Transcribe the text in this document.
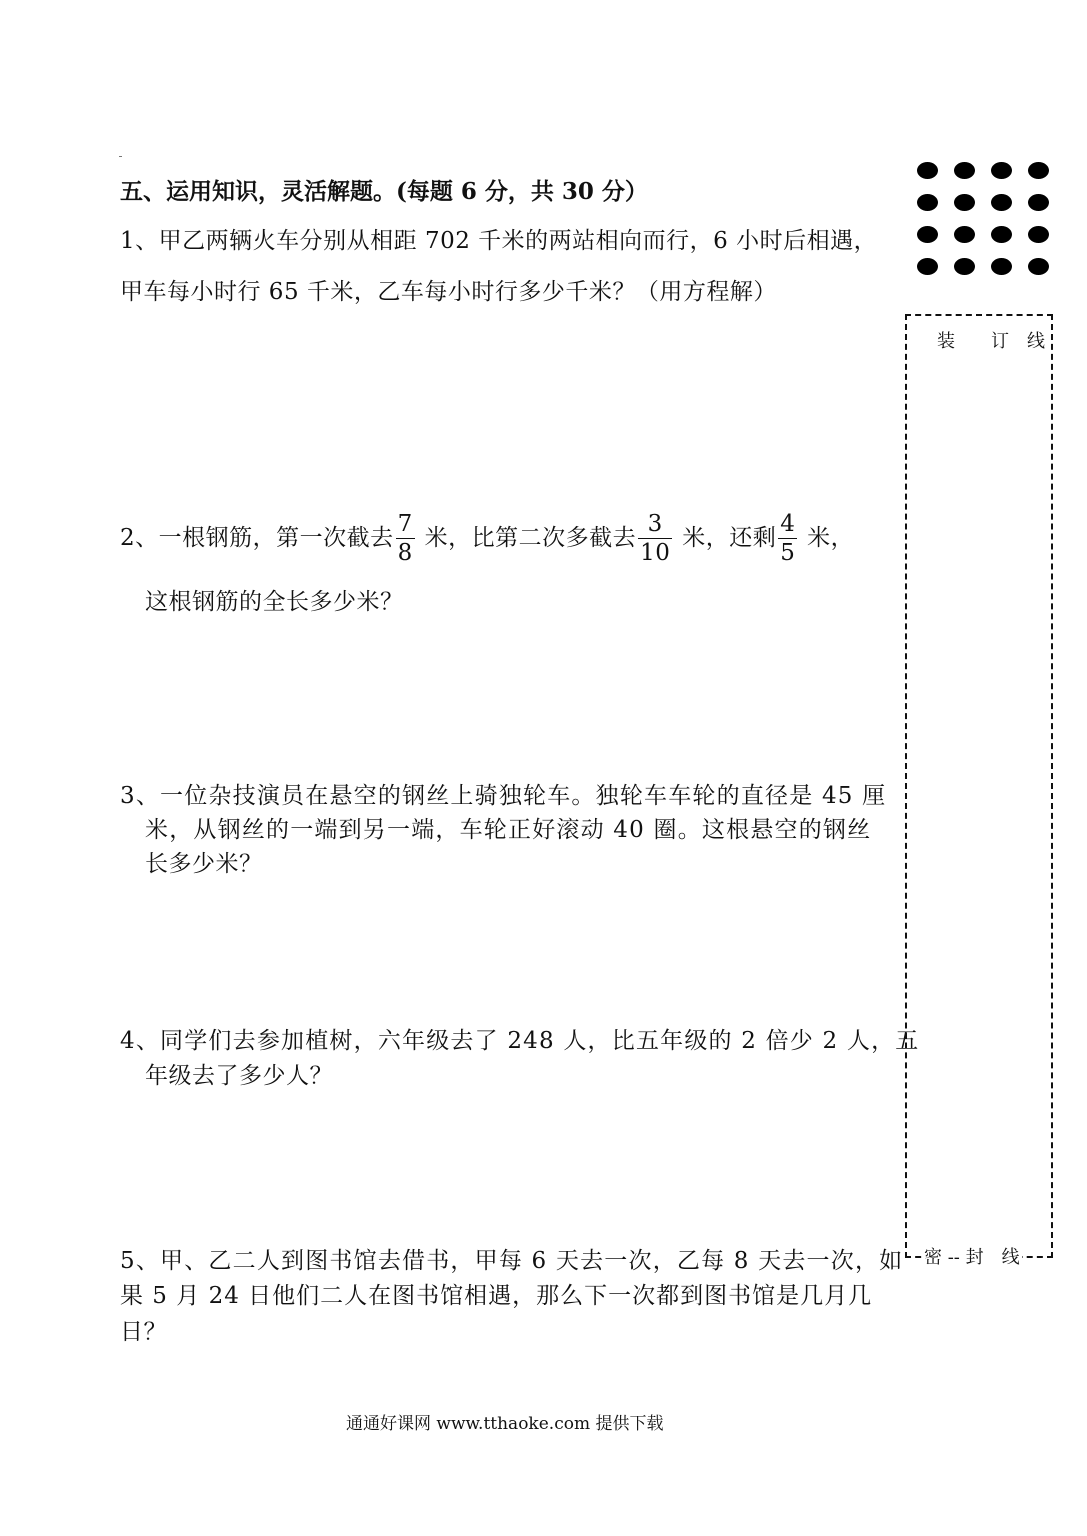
五、运用知识，灵活解题。(每题 6 分，共 30 分）
1、甲乙两辆火车分别从相距 702 千米的两站相向而行，6 小时后相遇，
甲车每小时行 65 千米，乙车每小时行多少千米？（用方程解）
2、一根钢筋，第一次截去 $\frac{7}{8}$ 米，比第二次多截去 $\frac{3}{10}$ 米，还剩 $\frac{4}{5}$ 米，
这根钢筋的全长多少米？
3、一位杂技演员在悬空的钢丝上骑独轮车。独轮车车轮的直径是 45 厘
米，从钢丝的一端到另一端，车轮正好滚动 40 圈。这根悬空的钢丝
长多少米？
4、同学们去参加植树，六年级去了 248 人，比五年级的 2 倍少 2 人，五
年级去了多少人？
5、甲、乙二人到图书馆去借书，甲每 6 天去一次，乙每 8 天去一次，如
果 5 月 24 日他们二人在图书馆相遇，那么下一次都到图书馆是几月几
日？
装　　订　线
密 -- 封　线
通通好课网 www.tthaoke.com 提供下载
